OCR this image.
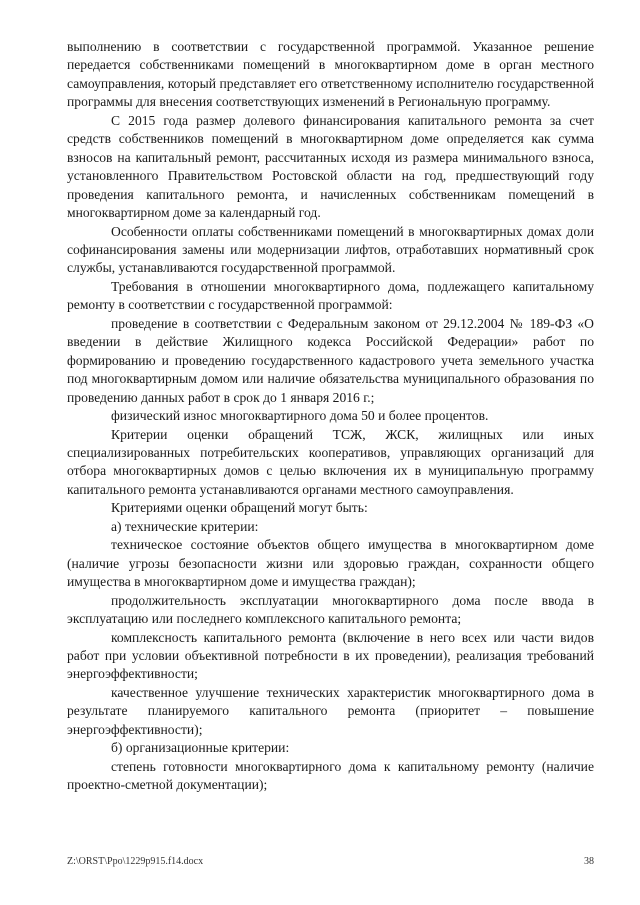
выполнению в соответствии с государственной программой. Указанное решение передается собственниками помещений в многоквартирном доме в орган местного самоуправления, который представляет его ответственному исполнителю государственной программы для внесения соответствующих изменений в Региональную программу.

С 2015 года размер долевого финансирования капитального ремонта за счет средств собственников помещений в многоквартирном доме определяется как сумма взносов на капитальный ремонт, рассчитанных исходя из размера минимального взноса, установленного Правительством Ростовской области на год, предшествующий году проведения капитального ремонта, и начисленных собственникам помещений в многоквартирном доме за календарный год.

Особенности оплаты собственниками помещений в многоквартирных домах доли софинансирования замены или модернизации лифтов, отработавших нормативный срок службы, устанавливаются государственной программой.

Требования в отношении многоквартирного дома, подлежащего капитальному ремонту в соответствии с государственной программой:

проведение в соответствии с Федеральным законом от 29.12.2004 № 189-ФЗ «О введении в действие Жилищного кодекса Российской Федерации» работ по формированию и проведению государственного кадастрового учета земельного участка под многоквартирным домом или наличие обязательства муниципального образования по проведению данных работ в срок до 1 января 2016 г.;

физический износ многоквартирного дома 50 и более процентов.

Критерии оценки обращений ТСЖ, ЖСК, жилищных или иных специализированных потребительских кооперативов, управляющих организаций для отбора многоквартирных домов с целью включения их в муниципальную программу капитального ремонта устанавливаются органами местного самоуправления.

Критериями оценки обращений могут быть:

а) технические критерии:

техническое состояние объектов общего имущества в многоквартирном доме (наличие угрозы безопасности жизни или здоровью граждан, сохранности общего имущества в многоквартирном доме и имущества граждан);

продолжительность эксплуатации многоквартирного дома после ввода в эксплуатацию или последнего комплексного капитального ремонта;

комплексность капитального ремонта (включение в него всех или части видов работ при условии объективной потребности в их проведении), реализация требований энергоэффективности;

качественное улучшение технических характеристик многоквартирного дома в результате планируемого капитального ремонта (приоритет – повышение энергоэффективности);

б) организационные критерии:

степень готовности многоквартирного дома к капитальному ремонту (наличие проектно-сметной документации);

Z:\ORST\Ppo\1229p915.f14.docx	38
